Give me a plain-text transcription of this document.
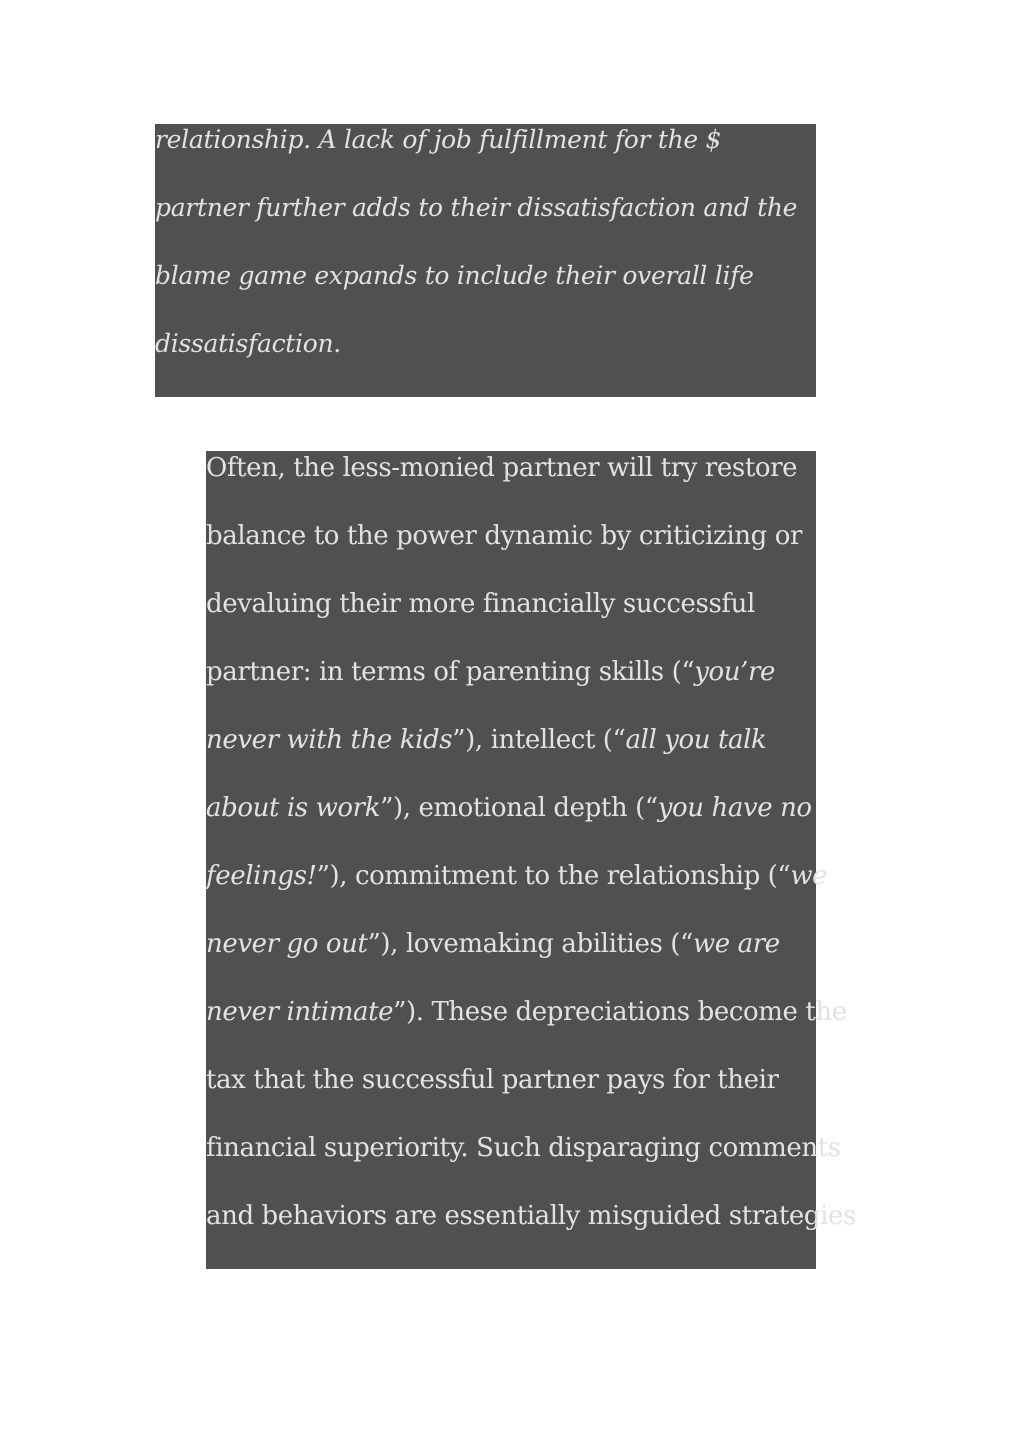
relationship. A lack of job fulfillment for the $
partner further adds to their dissatisfaction and the
blame game expands to include their overall life
dissatisfaction.
Often, the less-monied partner will try restore
balance to the power dynamic by criticizing or
devaluing their more financially successful
partner: in terms of parenting skills (“you’re
never with the kids”), intellect (“all you talk
about is work”), emotional depth (“you have no
feelings!”), commitment to the relationship (“we
never go out”), lovemaking abilities (“we are
never intimate”). These depreciations become the
tax that the successful partner pays for their
financial superiority. Such disparaging comments
and behaviors are essentially misguided strategies
